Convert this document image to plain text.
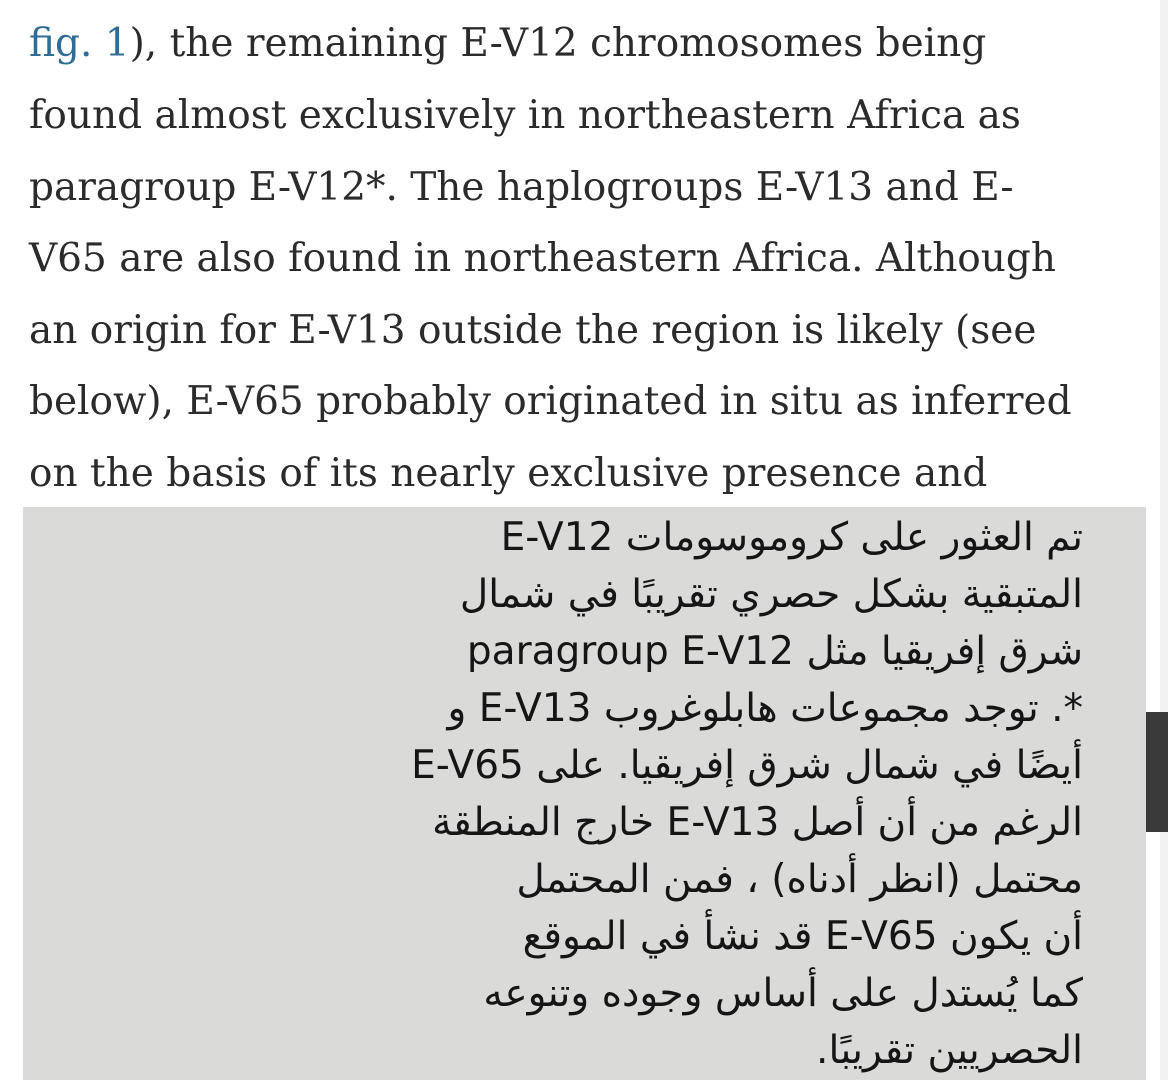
fig. 1), the remaining E-V12 chromosomes being
found almost exclusively in northeastern Africa as
paragroup E-V12*. The haplogroups E-V13 and E-
V65 are also found in northeastern Africa. Although
an origin for E-V13 outside the region is likely (see
below), E-V65 probably originated in situ as inferred
on the basis of its nearly exclusive presence and
تم العثور على كروموسومات E-V12
المتبقية بشكل حصري تقريبًا في شمال
شرق إفريقيا مثل paragroup E-V12
*. توجد مجموعات هابلوغروب E-V13 و
E-V65 أيضًا في شمال شرق إفريقيا. على
الرغم من أن أصل E-V13 خارج المنطقة
محتمل (انظر أدناه) ، فمن المحتمل
أن يكون E-V65 قد نشأ في الموقع
كما يُستدل على أساس وجوده وتنوعه
الحصريين تقريبًا.
